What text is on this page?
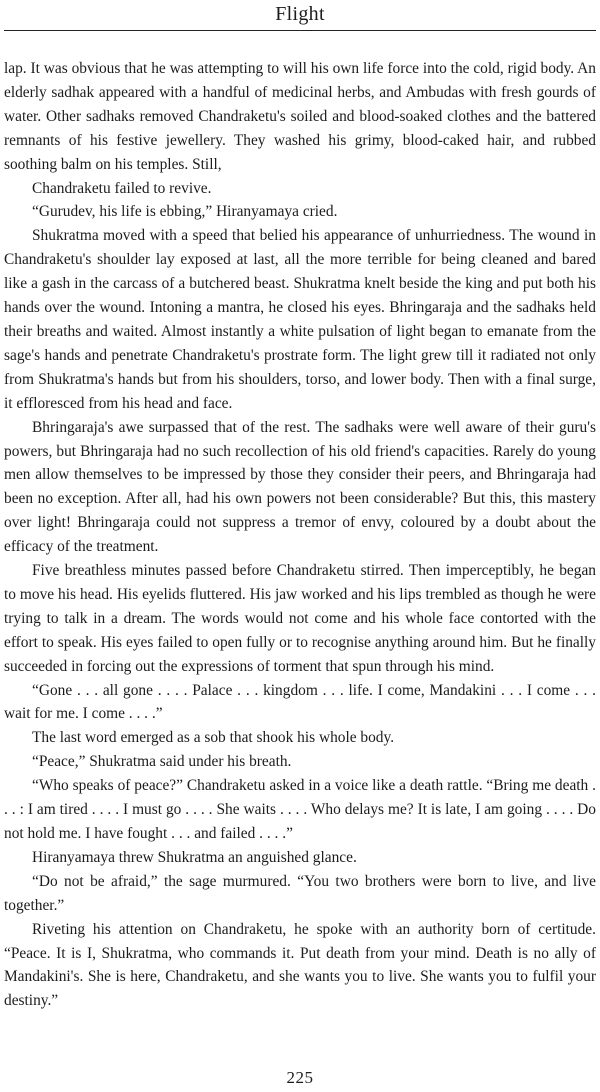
Flight

lap. It was obvious that he was attempting to will his own life force into the cold, rigid body. An elderly sadhak appeared with a handful of medicinal herbs, and Ambudas with fresh gourds of water. Other sadhaks removed Chandraketu's soiled and blood-soaked clothes and the battered remnants of his festive jewellery. They washed his grimy, blood-caked hair, and rubbed soothing balm on his temples. Still,

Chandraketu failed to revive.

“Gurudev, his life is ebbing,” Hiranyamaya cried.

Shukratma moved with a speed that belied his appearance of unhurriedness. The wound in Chandraketu's shoulder lay exposed at last, all the more terrible for being cleaned and bared like a gash in the carcass of a butchered beast. Shukratma knelt beside the king and put both his hands over the wound. Intoning a mantra, he closed his eyes. Bhringaraja and the sadhaks held their breaths and waited. Almost instantly a white pulsation of light began to emanate from the sage's hands and penetrate Chandraketu's prostrate form. The light grew till it radiated not only from Shukratma's hands but from his shoulders, torso, and lower body. Then with a final surge, it effloresced from his head and face.

Bhringaraja's awe surpassed that of the rest. The sadhaks were well aware of their guru's powers, but Bhringaraja had no such recollection of his old friend's capacities. Rarely do young men allow themselves to be impressed by those they consider their peers, and Bhringaraja had been no exception. After all, had his own powers not been considerable? But this, this mastery over light! Bhringaraja could not suppress a tremor of envy, coloured by a doubt about the efficacy of the treatment.

Five breathless minutes passed before Chandraketu stirred. Then imperceptibly, he began to move his head. His eyelids fluttered. His jaw worked and his lips trembled as though he were trying to talk in a dream. The words would not come and his whole face contorted with the effort to speak. His eyes failed to open fully or to recognise anything around him. But he finally succeeded in forcing out the expressions of torment that spun through his mind.

“Gone . . . all gone . . . . Palace . . . kingdom . . . life. I come, Mandakini . . . I come . . . wait for me. I come . . . .”

The last word emerged as a sob that shook his whole body.

“Peace,” Shukratma said under his breath.

“Who speaks of peace?” Chandraketu asked in a voice like a death rattle. “Bring me death . . . : I am tired . . . . I must go . . . . She waits . . . . Who delays me? It is late, I am going . . . . Do not hold me. I have fought . . . and failed . . . .”

Hiranyamaya threw Shukratma an anguished glance.

“Do not be afraid,” the sage murmured. “You two brothers were born to live, and live together.”

Riveting his attention on Chandraketu, he spoke with an authority born of certitude. “Peace. It is I, Shukratma, who commands it. Put death from your mind. Death is no ally of Mandakini's. She is here, Chandraketu, and she wants you to live. She wants you to fulfil your destiny.”

225
